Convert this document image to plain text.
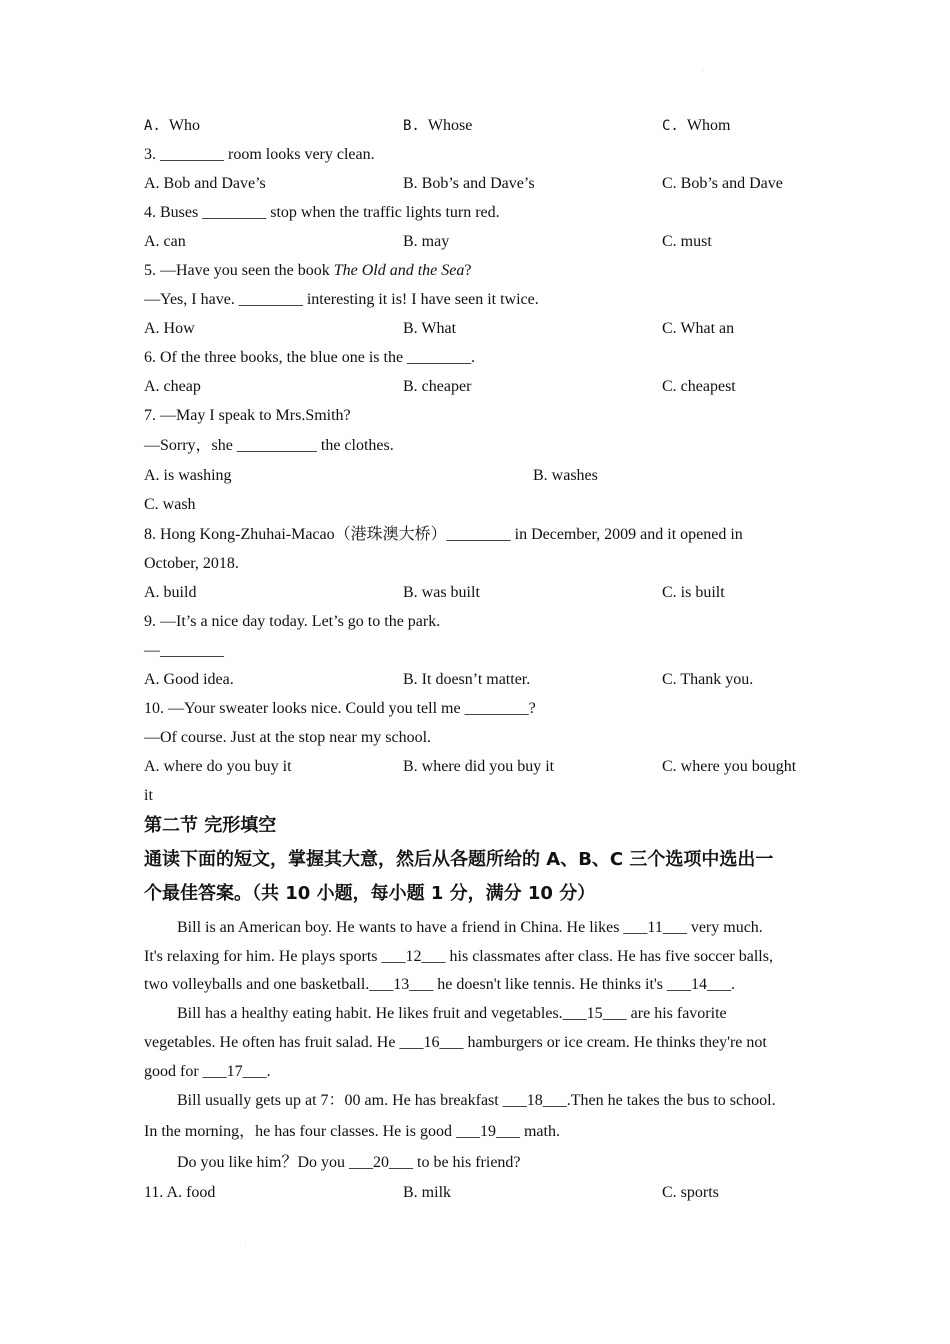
.
A. Who	B. Whose	C. Whom
3. ________ room looks very clean.
A. Bob and Dave’s	B. Bob’s and Dave’s	C. Bob’s and Dave
4. Buses ________ stop when the traffic lights turn red.
A. can	B. may	C. must
5. —Have you seen the book The Old and the Sea?
—Yes, I have. ________ interesting it is! I have seen it twice.
A. How	B. What	C. What an
6. Of the three books, the blue one is the ________.
A. cheap	B. cheaper	C. cheapest
7. —May I speak to Mrs.Smith?
—Sorry，she __________ the clothes.
A. is washing	B. washes
C. wash
8. Hong Kong-Zhuhai-Macao（港珠澳大桥）________ in December, 2009 and it opened in
October, 2018.
A. build	B. was built	C. is built
9. —It’s a nice day today. Let’s go to the park.
—________
A. Good idea.	B. It doesn’t matter.	C. Thank you.
10. —Your sweater looks nice. Could you tell me ________?
—Of course. Just at the stop near my school.
A. where do you buy it	B. where did you buy it	C. where you bought
it
第二节 完形填空
通读下面的短文，掌握其大意，然后从各题所给的 A、B、C 三个选项中选出一
个最佳答案。（共 10 小题，每小题 1 分，满分 10 分）
Bill is an American boy. He wants to have a friend in China. He likes ___11___ very much.
It's relaxing for him. He plays sports ___12___ his classmates after class. He has five soccer balls,
two volleyballs and one basketball.___13___ he doesn't like tennis. He thinks it's ___14___.
Bill has a healthy eating habit. He likes fruit and vegetables.___15___ are his favorite
vegetables. He often has fruit salad. He ___16___ hamburgers or ice cream. He thinks they're not
good for ___17___.
Bill usually gets up at 7：00 am. He has breakfast ___18___.Then he takes the bus to school.
In the morning，he has four classes. He is good ___19___ math.
Do you like him？Do you ___20___ to be his friend?
11. A. food	B. milk	C. sports
.
